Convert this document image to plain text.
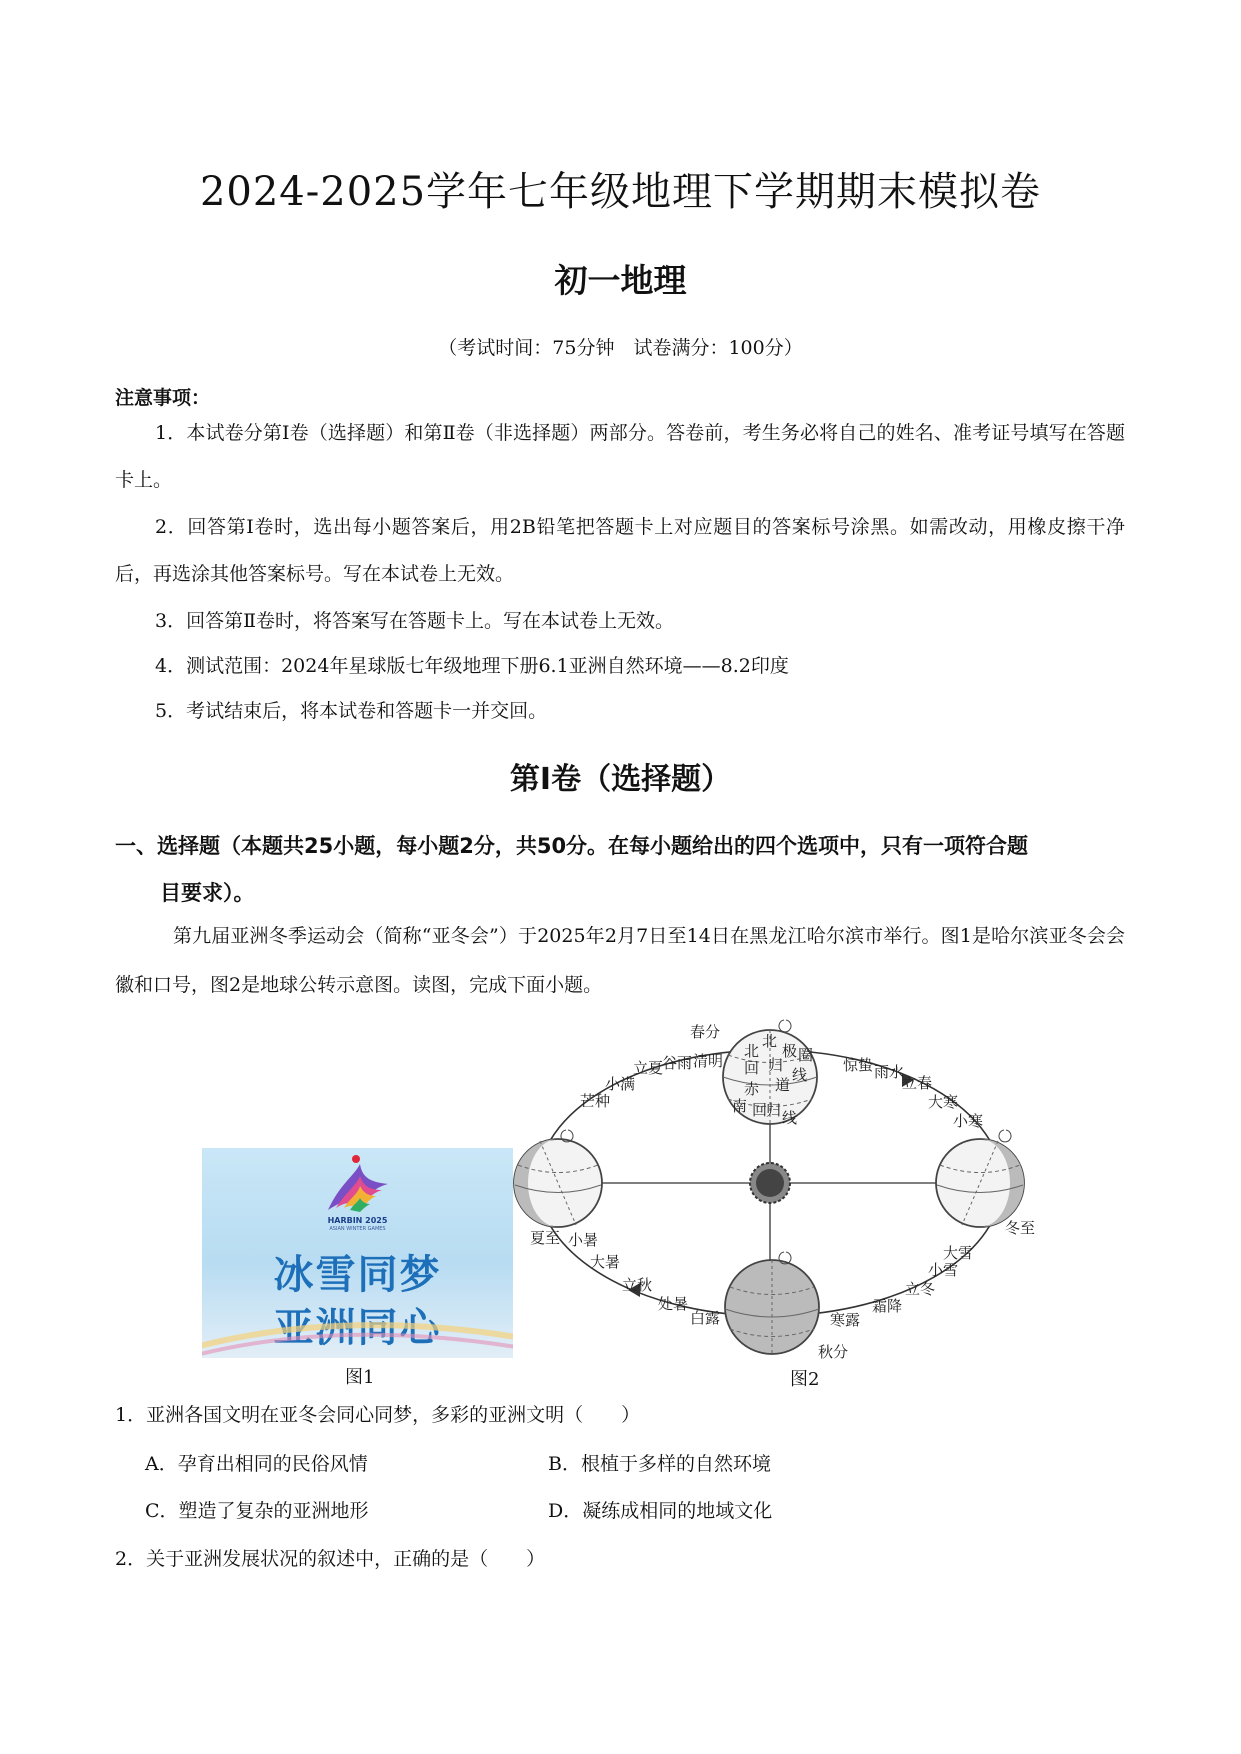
2024-2025学年七年级地理下学期期末模拟卷
初一地理
（考试时间：75分钟　试卷满分：100分）
注意事项：
1．本试卷分第Ⅰ卷（选择题）和第Ⅱ卷（非选择题）两部分。答卷前，考生务必将自己的姓名、准考证号填写在答题卡上。
2．回答第Ⅰ卷时，选出每小题答案后，用2B铅笔把答题卡上对应题目的答案标号涂黑。如需改动，用橡皮擦干净后，再选涂其他答案标号。写在本试卷上无效。
3．回答第Ⅱ卷时，将答案写在答题卡上。写在本试卷上无效。
4．测试范围：2024年星球版七年级地理下册6.1亚洲自然环境——8.2印度
5．考试结束后，将本试卷和答题卡一并交回。
第Ⅰ卷（选择题）
一、选择题（本题共25小题，每小题2分，共50分。在每小题给出的四个选项中，只有一项符合题
目要求）。
第九届亚洲冬季运动会（简称“亚冬会”）于2025年2月7日至14日在黑龙江哈尔滨市举行。图1是哈尔滨亚冬会会徽和口号，图2是地球公转示意图。读图，完成下面小题。
HARBIN 2025
ASIAN WINTER GAMES
冰雪同梦
亚洲同心
图1
北
回
赤
南
北
极
归
道
回
圈
线
归 线
春分
夏至
秋分
冬至
清明
谷雨
立夏
小满
芒种
小暑
大暑
立秋
处暑
白露	寒露
霜降
立冬
小雪
大雪
小寒
大寒
立春
雨水
惊蛰
图2
1．亚洲各国文明在亚冬会同心同梦，多彩的亚洲文明（　　）
A．孕育出相同的民俗风情	B．根植于多样的自然环境
C．塑造了复杂的亚洲地形	D．凝练成相同的地域文化
2．关于亚洲发展状况的叙述中，正确的是（　　）
